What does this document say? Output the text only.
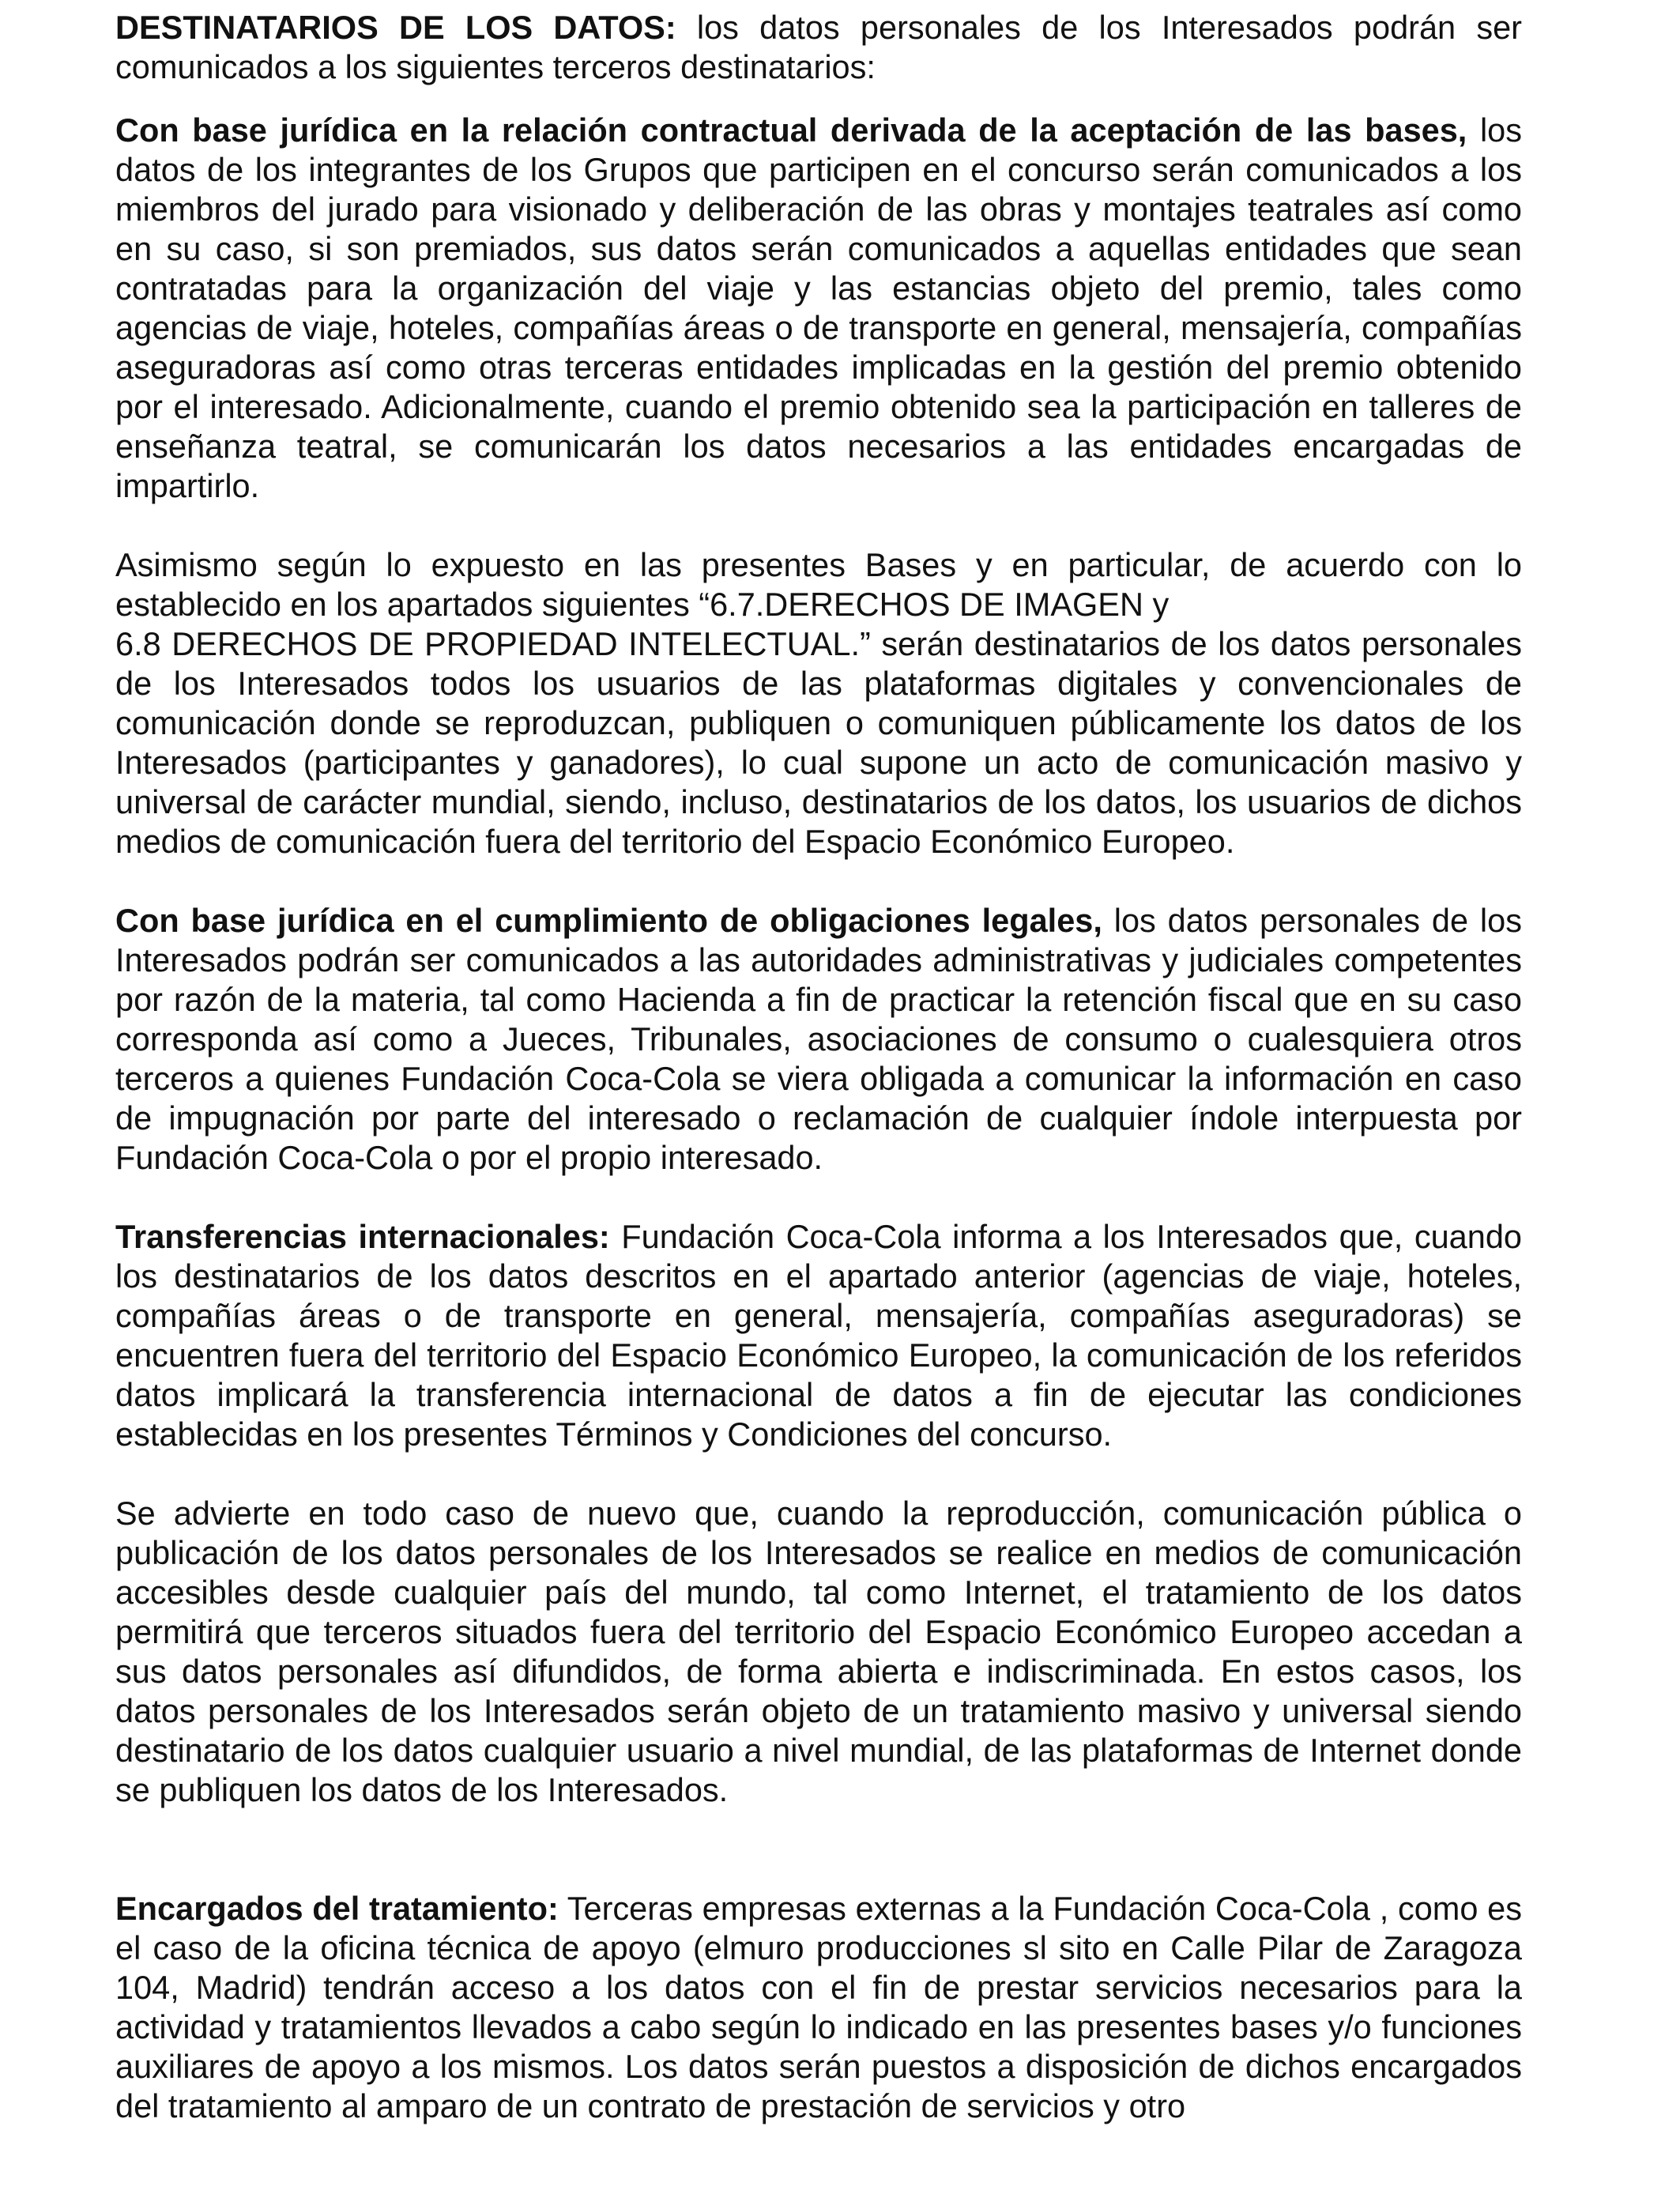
DESTINATARIOS DE LOS DATOS: los datos personales de los Interesados podrán ser comunicados a los siguientes terceros destinatarios:

Con base jurídica en la relación contractual derivada de la aceptación de las bases, los datos de los integrantes de los Grupos que participen en el concurso serán comunicados a los miembros del jurado para visionado y deliberación de las obras y montajes teatrales así como en su caso, si son premiados, sus datos serán comunicados a aquellas entidades que sean contratadas para la organización del viaje y las estancias objeto del premio, tales como agencias de viaje, hoteles, compañías áreas o de transporte en general, mensajería, compañías aseguradoras así como otras terceras entidades implicadas en la gestión del premio obtenido por el interesado. Adicionalmente, cuando el premio obtenido sea la participación en talleres de enseñanza teatral, se comunicarán los datos necesarios a las entidades encargadas de impartirlo.

Asimismo según lo expuesto en las presentes Bases y en particular, de acuerdo con lo establecido en los apartados siguientes “6.7.DERECHOS DE IMAGEN y
6.8 DERECHOS DE PROPIEDAD INTELECTUAL.” serán destinatarios de los datos personales de los Interesados todos los usuarios de las plataformas digitales y convencionales de comunicación donde se reproduzcan, publiquen o comuniquen públicamente los datos de los Interesados (participantes y ganadores), lo cual supone un acto de comunicación masivo y universal de carácter mundial, siendo, incluso, destinatarios de los datos, los usuarios de dichos medios de comunicación fuera del territorio del Espacio Económico Europeo.

Con base jurídica en el cumplimiento de obligaciones legales, los datos personales de los Interesados podrán ser comunicados a las autoridades administrativas y judiciales competentes por razón de la materia, tal como Hacienda a fin de practicar la retención fiscal que en su caso corresponda así como a Jueces, Tribunales, asociaciones de consumo o cualesquiera otros terceros a quienes Fundación Coca-Cola se viera obligada a comunicar la información en caso de impugnación por parte del interesado o reclamación de cualquier índole interpuesta por Fundación Coca-Cola o por el propio interesado.

Transferencias internacionales: Fundación Coca-Cola informa a los Interesados que, cuando los destinatarios de los datos descritos en el apartado anterior (agencias de viaje, hoteles, compañías áreas o de transporte en general, mensajería, compañías aseguradoras) se encuentren fuera del territorio del Espacio Económico Europeo, la comunicación de los referidos datos implicará la transferencia internacional de datos a fin de ejecutar las condiciones establecidas en los presentes Términos y Condiciones del concurso.

Se advierte en todo caso de nuevo que, cuando la reproducción, comunicación pública o publicación de los datos personales de los Interesados se realice en medios de comunicación accesibles desde cualquier país del mundo, tal como Internet, el tratamiento de los datos permitirá que terceros situados fuera del territorio del Espacio Económico Europeo accedan a sus datos personales así difundidos, de forma abierta e indiscriminada. En estos casos, los datos personales de los Interesados serán objeto de un tratamiento masivo y universal siendo destinatario de los datos cualquier usuario a nivel mundial, de las plataformas de Internet donde se publiquen los datos de los Interesados.

Encargados del tratamiento: Terceras empresas externas a la Fundación Coca-Cola , como es el caso de la oficina técnica de apoyo (elmuro producciones sl sito en Calle Pilar de Zaragoza 104, Madrid) tendrán acceso a los datos con el fin de prestar servicios necesarios para la actividad y tratamientos llevados a cabo según lo indicado en las presentes bases y/o funciones auxiliares de apoyo a los mismos. Los datos serán puestos a disposición de dichos encargados del tratamiento al amparo de un contrato de prestación de servicios y otro
